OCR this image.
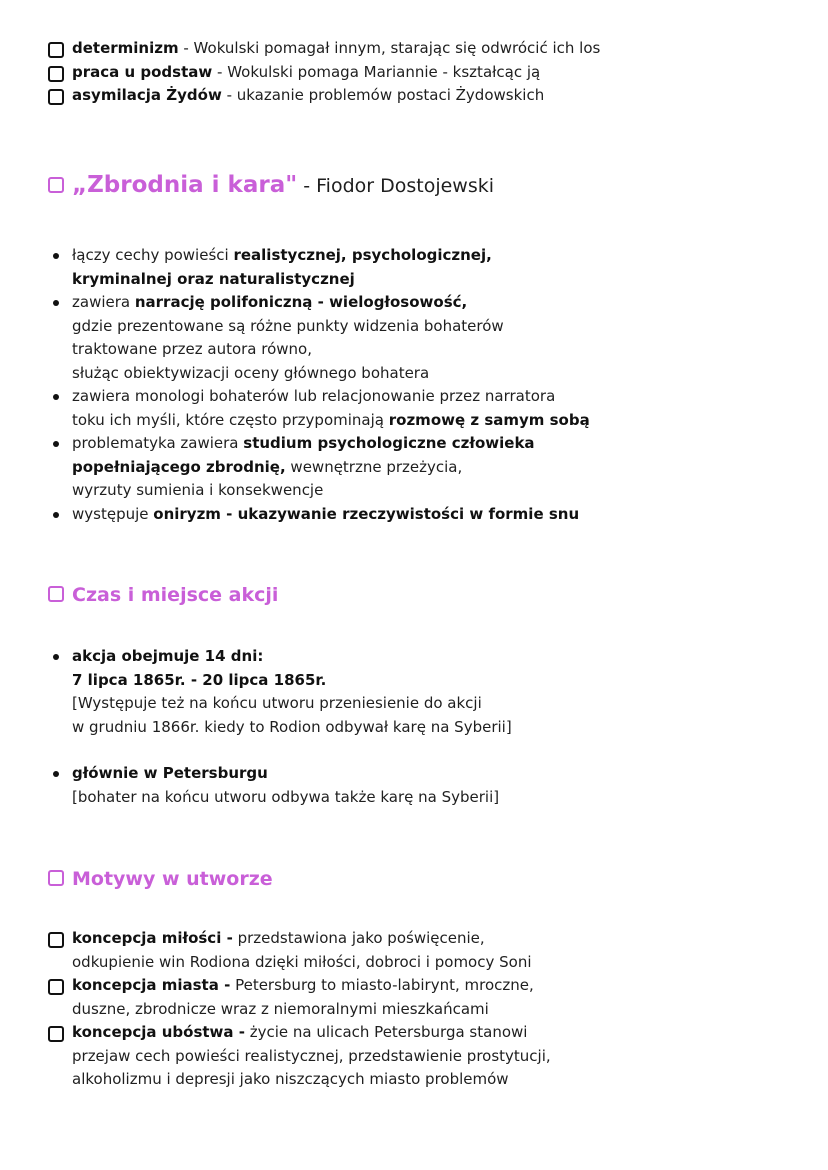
determinizm - Wokulski pomagał innym, starając się odwrócić ich los
praca u podstaw - Wokulski pomaga Mariannie - kształcąc ją
asymilacja Żydów - ukazanie problemów postaci Żydowskich
„Zbrodnia i kara" - Fiodor Dostojewski
łączy cechy powieści realistycznej, psychologicznej,
kryminalnej oraz naturalistycznej
zawiera narrację polifoniczną - wielogłosowość,
gdzie prezentowane są różne punkty widzenia bohaterów
traktowane przez autora równo,
służąc obiektywizacji oceny głównego bohatera
zawiera monologi bohaterów lub relacjonowanie przez narratora
toku ich myśli, które często przypominają rozmowę z samym sobą
problematyka zawiera studium psychologiczne człowieka
popełniającego zbrodnię, wewnętrzne przeżycia,
wyrzuty sumienia i konsekwencje
występuje oniryzm - ukazywanie rzeczywistości w formie snu
Czas i miejsce akcji
akcja obejmuje 14 dni:
7 lipca 1865r. - 20 lipca 1865r.
[Występuje też na końcu utworu przeniesienie do akcji
w grudniu 1866r. kiedy to Rodion odbywał karę na Syberii]
głównie w Petersburgu
[bohater na końcu utworu odbywa także karę na Syberii]
Motywy w utworze
koncepcja miłości - przedstawiona jako poświęcenie,
odkupienie win Rodiona dzięki miłości, dobroci i pomocy Soni
koncepcja miasta - Petersburg to miasto-labirynt, mroczne,
duszne, zbrodnicze wraz z niemoralnymi mieszkańcami
koncepcja ubóstwa - życie na ulicach Petersburga stanowi
przejaw cech powieści realistycznej, przedstawienie prostytucji,
alkoholizmu i depresji jako niszczących miasto problemów
